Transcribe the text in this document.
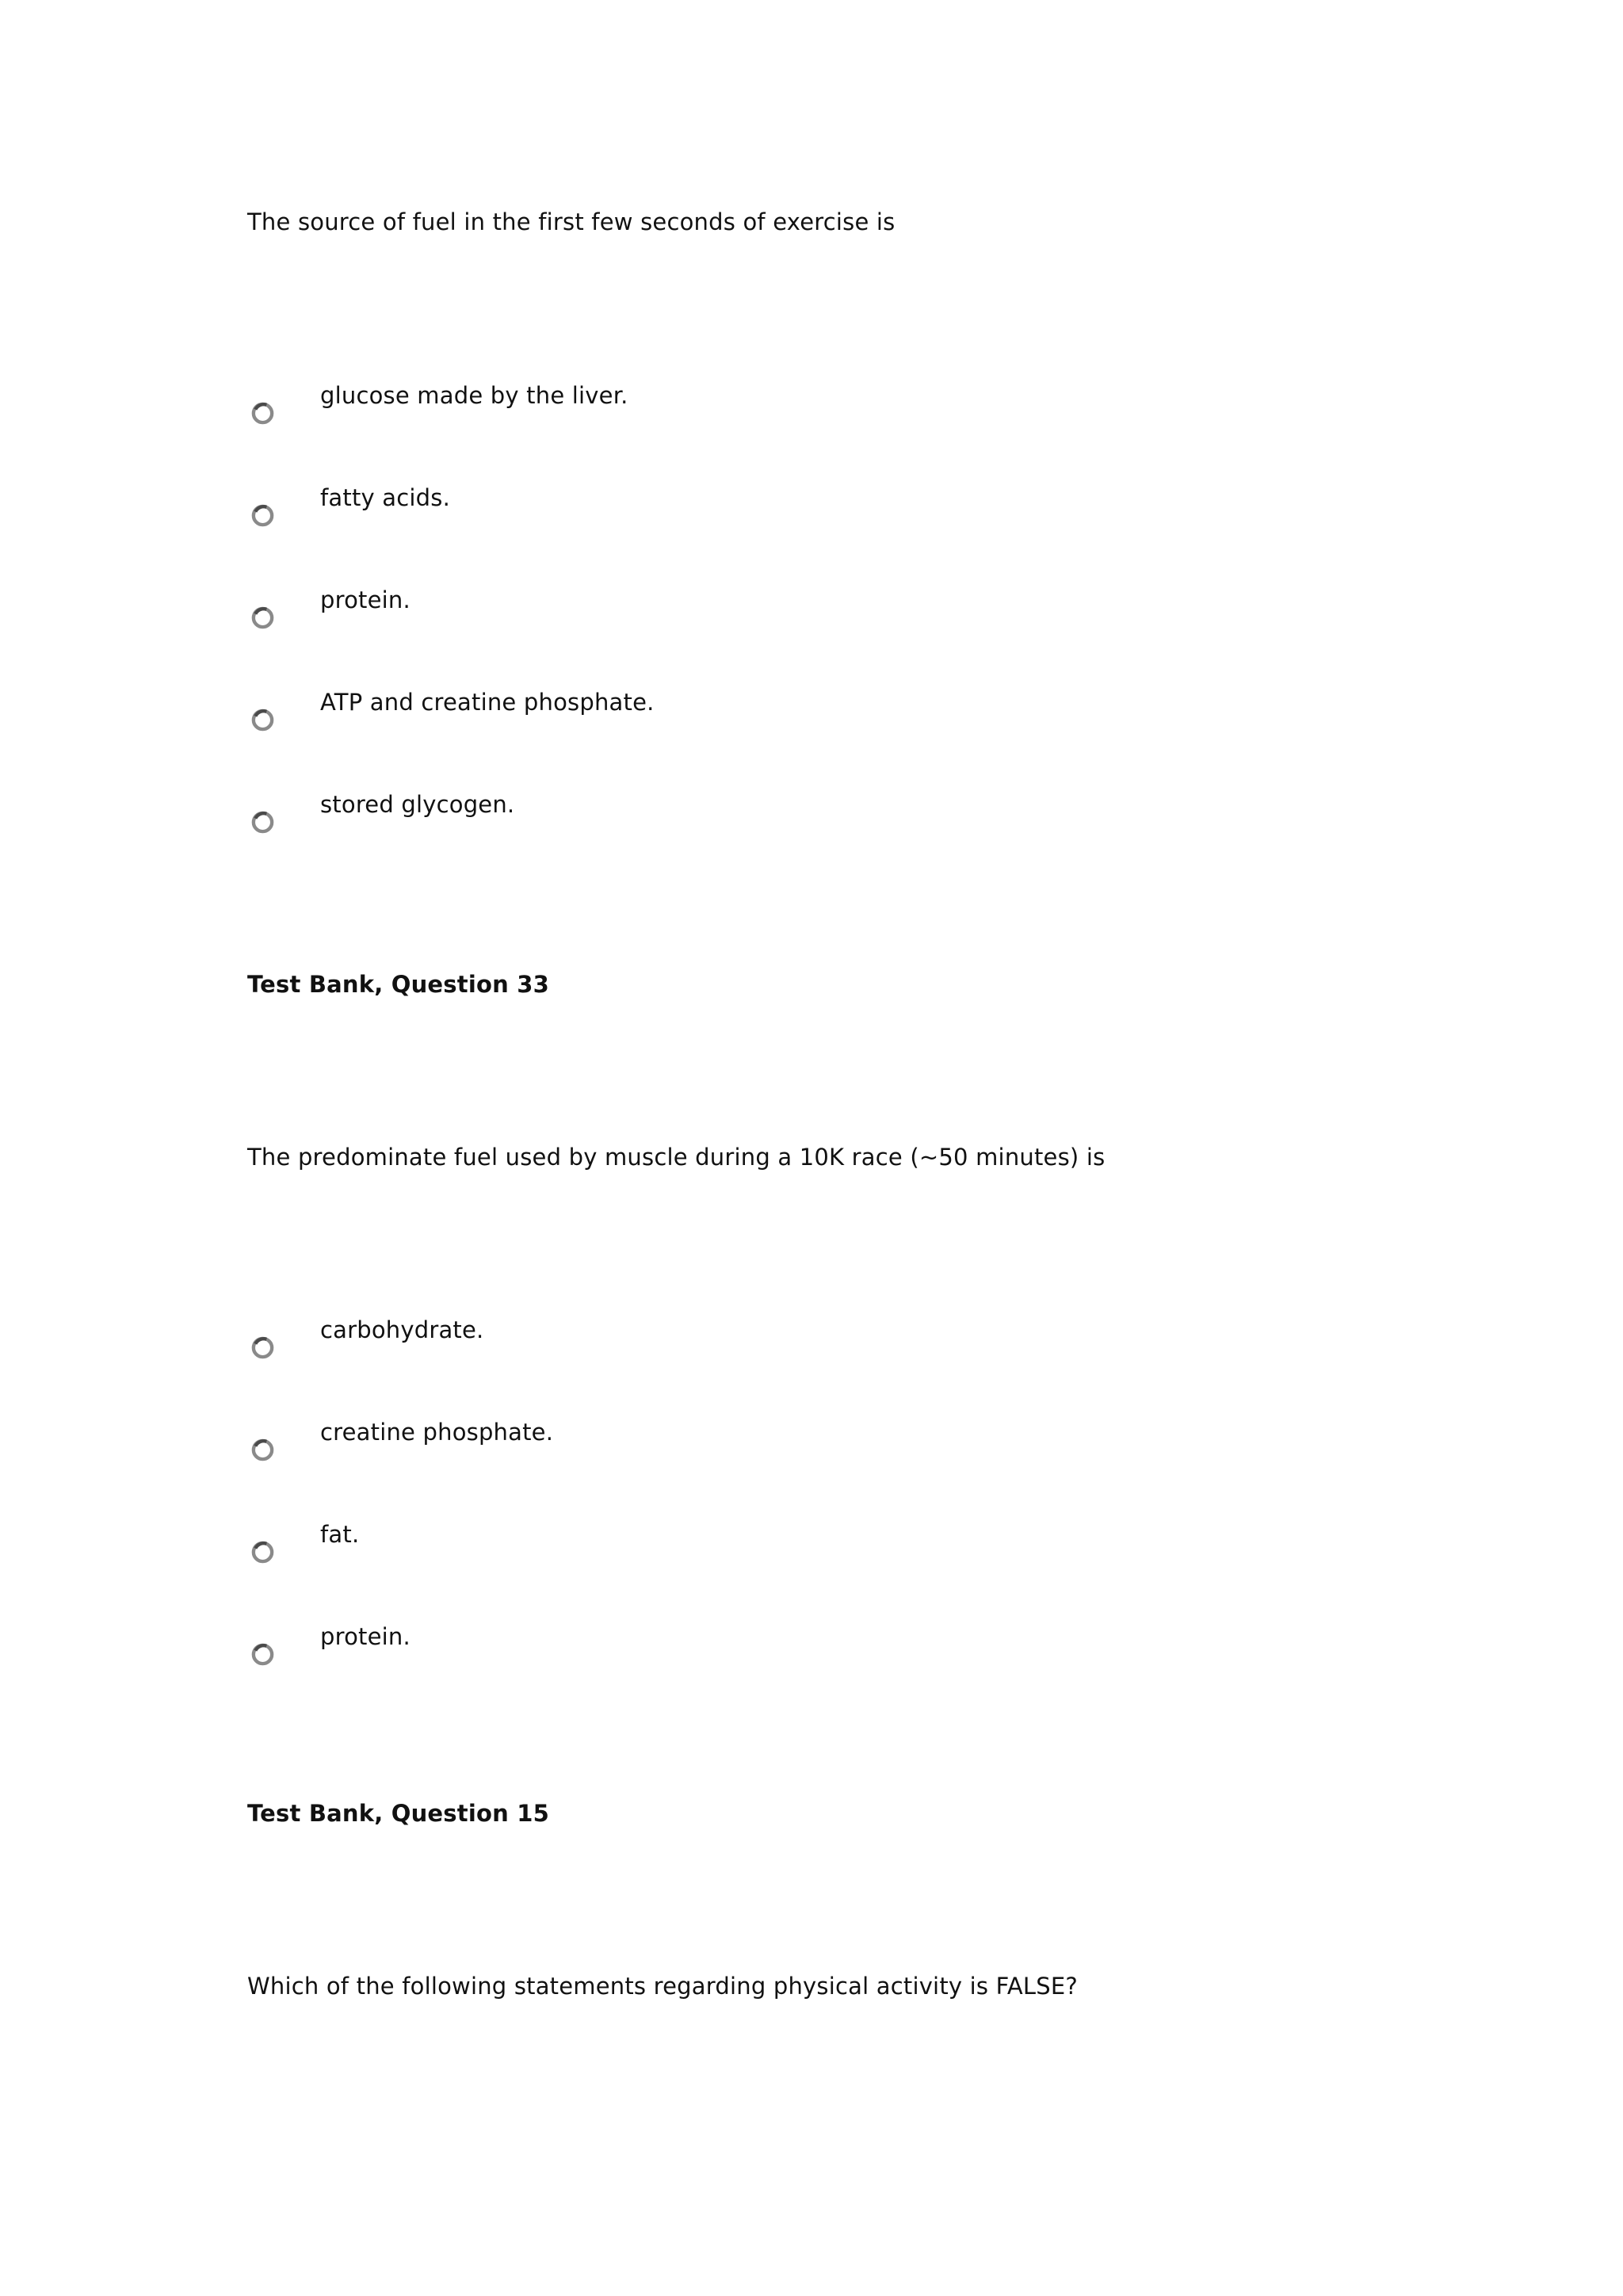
The source of fuel in the first few seconds of exercise is
glucose made by the liver.
fatty acids.
protein.
ATP and creatine phosphate.
stored glycogen.
Test Bank, Question 33
The predominate fuel used by muscle during a 10K race (~50 minutes) is
carbohydrate.
creatine phosphate.
fat.
protein.
Test Bank, Question 15
Which of the following statements regarding physical activity is FALSE?
